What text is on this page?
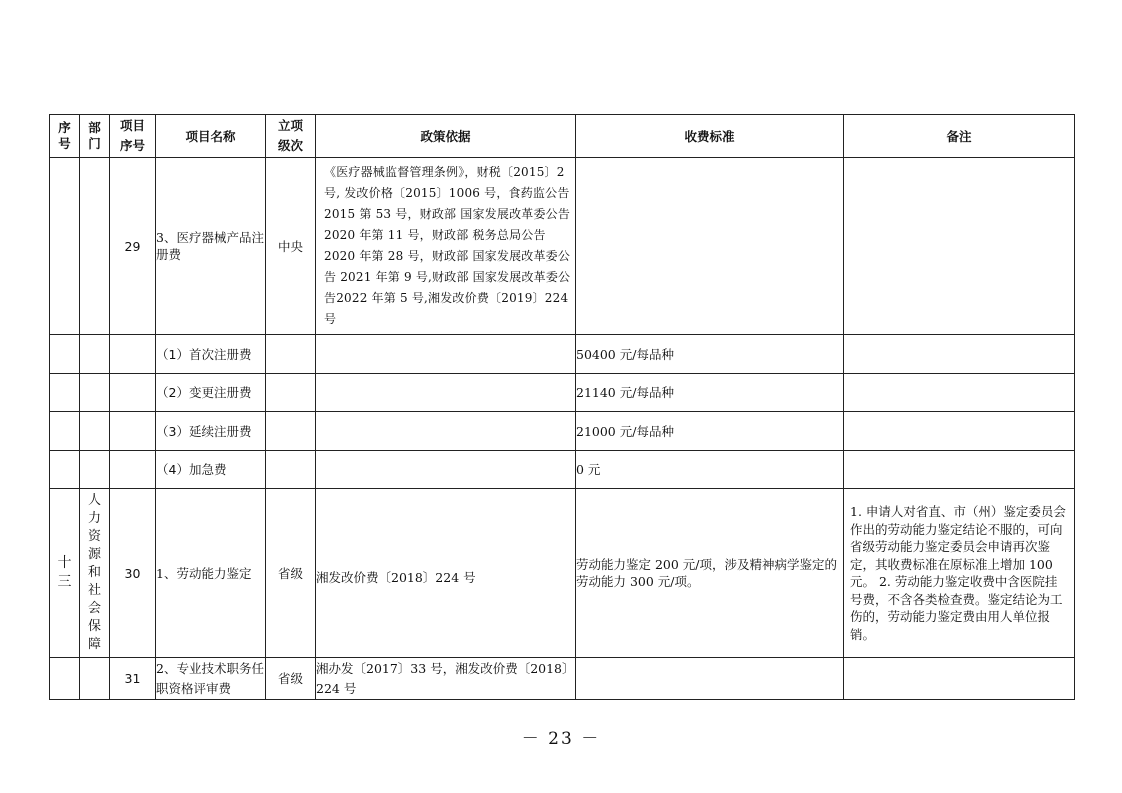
序号	部门	项目序号	项目名称	立项级次	政策依据	收费标准	备注
		29	3、医疗器械产品注册费	中央	《医疗器械监督管理条例》，财税〔2015〕2 号, 发改价格〔2015〕1006 号，食药监公告 2015 第 53 号，财政部 国家发展改革委公告 2020 年第 11 号，财政部 税务总局公告 2020 年第 28 号，财政部 国家发展改革委公告 2021 年第 9 号,财政部 国家发展改革委公告2022 年第 5 号,湘发改价费〔2019〕224 号		

			（1）首次注册费			50400 元/每品种	
			（2）变更注册费			21140 元/每品种	
			（3）延续注册费			21000 元/每品种	
			（4）加急费			0 元	

十三	人力资源和社会保障	30	1、劳动能力鉴定	省级	湘发改价费〔2018〕224 号	劳动能力鉴定 200 元/项，涉及精神病学鉴定的劳动能力 300 元/项。	1. 申请人对省直、市（州）鉴定委员会作出的劳动能力鉴定结论不服的，可向省级劳动能力鉴定委员会申请再次鉴定，其收费标准在原标准上增加 100 元。 2. 劳动能力鉴定收费中含医院挂号费，不含各类检查费。鉴定结论为工伤的，劳动能力鉴定费由用人单位报销。

		31	2、专业技术职务任职资格评审费	省级	湘办发〔2017〕33 号，湘发改价费〔2018〕224 号		
－ 23 －
